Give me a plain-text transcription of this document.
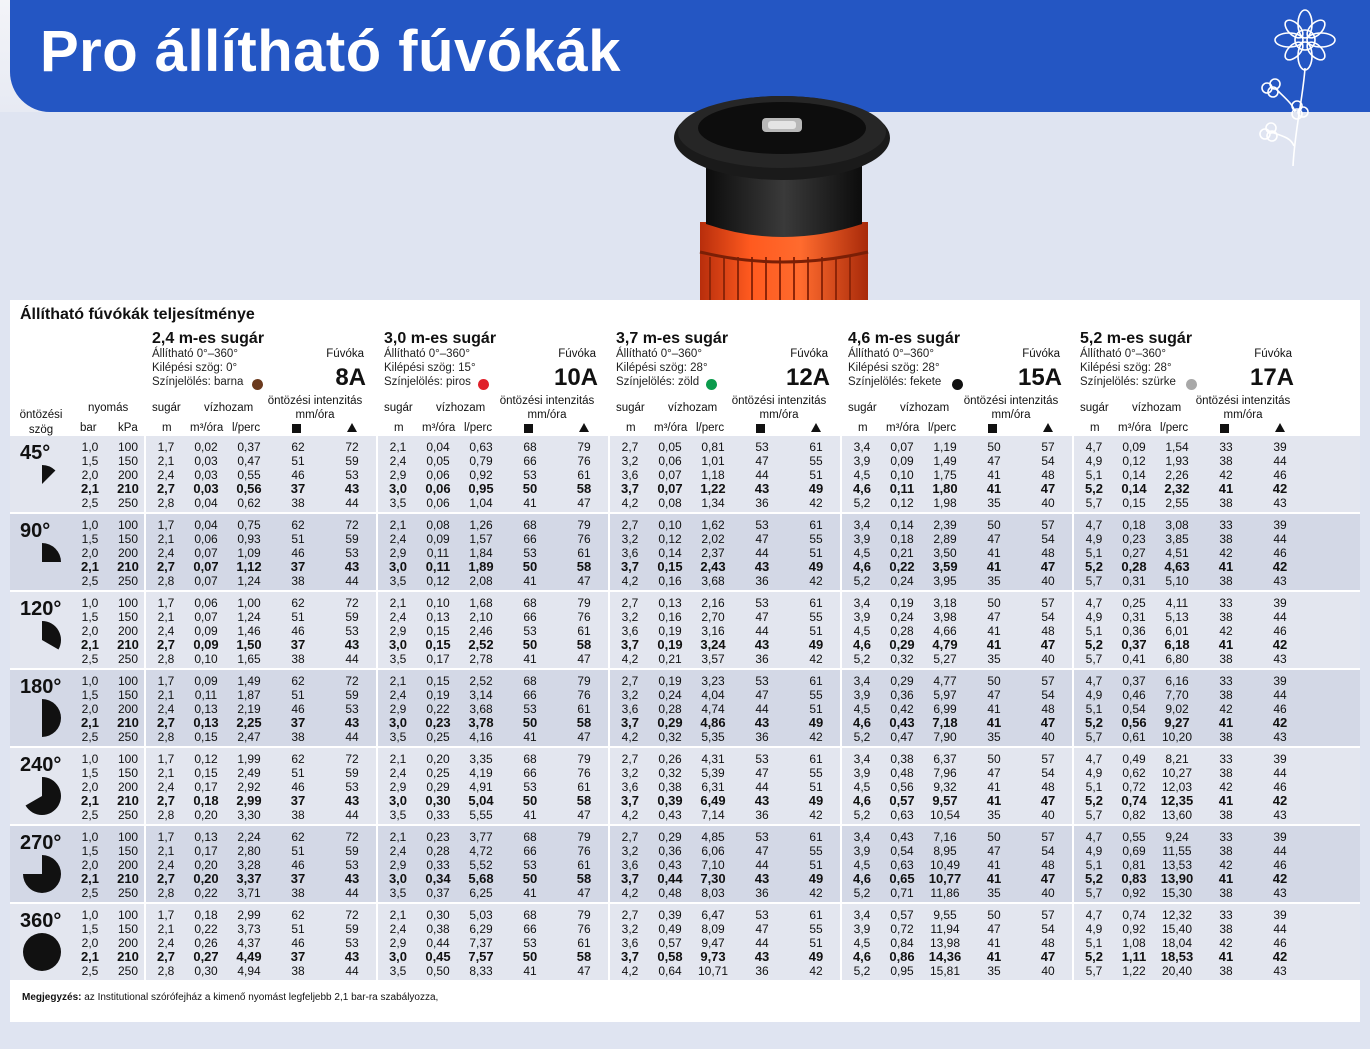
Pro állítható fúvókák
Állítható fúvókák teljesítménye
2,4 m-es sugár
Állítható 0°–360°
Kilépési szög: 0°
Színjelölés: barna
Fúvóka
8A
öntözési intenzitás
mm/óra
sugár vízhozam
m m³/óra l/perc
3,0 m-es sugár
Állítható 0°–360°
Kilépési szög: 15°
Színjelölés: piros
Fúvóka
10A
öntözési intenzitás
mm/óra
sugár vízhozam
m m³/óra l/perc
3,7 m-es sugár
Állítható 0°–360°
Kilépési szög: 28°
Színjelölés: zöld
Fúvóka
12A
öntözési intenzitás
mm/óra
sugár vízhozam
m m³/óra l/perc
4,6 m-es sugár
Állítható 0°–360°
Kilépési szög: 28°
Színjelölés: fekete
Fúvóka
15A
öntözési intenzitás
mm/óra
sugár vízhozam
m m³/óra l/perc
5,2 m-es sugár
Állítható 0°–360°
Kilépési szög: 28°
Színjelölés: szürke
Fúvóka
17A
öntözési intenzitás
mm/óra
sugár vízhozam
m m³/óra l/perc
45°	1,0	100	1,7	0,02	0,37	62	72	2,1	0,04	0,63	68	79	2,7	0,05	0,81	53	61	3,4	0,07	1,19	50	57	4,7	0,09	1,54	33	39
1,5	150	2,1	0,03	0,47	51	59	2,4	0,05	0,79	66	76	3,2	0,06	1,01	47	55	3,9	0,09	1,49	47	54	4,9	0,12	1,93	38	44
2,0	200	2,4	0,03	0,55	46	53	2,9	0,06	0,92	53	61	3,6	0,07	1,18	44	51	4,5	0,10	1,75	41	48	5,1	0,14	2,26	42	46
2,1	210	2,7	0,03	0,56	37	43	3,0	0,06	0,95	50	58	3,7	0,07	1,22	43	49	4,6	0,11	1,80	41	47	5,2	0,14	2,32	41	42
2,5	250	2,8	0,04	0,62	38	44	3,5	0,06	1,04	41	47	4,2	0,08	1,34	36	42	5,2	0,12	1,98	35	40	5,7	0,15	2,55	38	43
90°	1,0	100	1,7	0,04	0,75	62	72	2,1	0,08	1,26	68	79	2,7	0,10	1,62	53	61	3,4	0,14	2,39	50	57	4,7	0,18	3,08	33	39
1,5	150	2,1	0,06	0,93	51	59	2,4	0,09	1,57	66	76	3,2	0,12	2,02	47	55	3,9	0,18	2,89	47	54	4,9	0,23	3,85	38	44
2,0	200	2,4	0,07	1,09	46	53	2,9	0,11	1,84	53	61	3,6	0,14	2,37	44	51	4,5	0,21	3,50	41	48	5,1	0,27	4,51	42	46
2,1	210	2,7	0,07	1,12	37	43	3,0	0,11	1,89	50	58	3,7	0,15	2,43	43	49	4,6	0,22	3,59	41	47	5,2	0,28	4,63	41	42
2,5	250	2,8	0,07	1,24	38	44	3,5	0,12	2,08	41	47	4,2	0,16	3,68	36	42	5,2	0,24	3,95	35	40	5,7	0,31	5,10	38	43
120°	1,0	100	1,7	0,06	1,00	62	72	2,1	0,10	1,68	68	79	2,7	0,13	2,16	53	61	3,4	0,19	3,18	50	57	4,7	0,25	4,11	33	39
1,5	150	2,1	0,07	1,24	51	59	2,4	0,13	2,10	66	76	3,2	0,16	2,70	47	55	3,9	0,24	3,98	47	54	4,9	0,31	5,13	38	44
2,0	200	2,4	0,09	1,46	46	53	2,9	0,15	2,46	53	61	3,6	0,19	3,16	44	51	4,5	0,28	4,66	41	48	5,1	0,36	6,01	42	46
2,1	210	2,7	0,09	1,50	37	43	3,0	0,15	2,52	50	58	3,7	0,19	3,24	43	49	4,6	0,29	4,79	41	47	5,2	0,37	6,18	41	42
2,5	250	2,8	0,10	1,65	38	44	3,5	0,17	2,78	41	47	4,2	0,21	3,57	36	42	5,2	0,32	5,27	35	40	5,7	0,41	6,80	38	43
180°	1,0	100	1,7	0,09	1,49	62	72	2,1	0,15	2,52	68	79	2,7	0,19	3,23	53	61	3,4	0,29	4,77	50	57	4,7	0,37	6,16	33	39
1,5	150	2,1	0,11	1,87	51	59	2,4	0,19	3,14	66	76	3,2	0,24	4,04	47	55	3,9	0,36	5,97	47	54	4,9	0,46	7,70	38	44
2,0	200	2,4	0,13	2,19	46	53	2,9	0,22	3,68	53	61	3,6	0,28	4,74	44	51	4,5	0,42	6,99	41	48	5,1	0,54	9,02	42	46
2,1	210	2,7	0,13	2,25	37	43	3,0	0,23	3,78	50	58	3,7	0,29	4,86	43	49	4,6	0,43	7,18	41	47	5,2	0,56	9,27	41	42
2,5	250	2,8	0,15	2,47	38	44	3,5	0,25	4,16	41	47	4,2	0,32	5,35	36	42	5,2	0,47	7,90	35	40	5,7	0,61	10,20	38	43
240°	1,0	100	1,7	0,12	1,99	62	72	2,1	0,20	3,35	68	79	2,7	0,26	4,31	53	61	3,4	0,38	6,37	50	57	4,7	0,49	8,21	33	39
1,5	150	2,1	0,15	2,49	51	59	2,4	0,25	4,19	66	76	3,2	0,32	5,39	47	55	3,9	0,48	7,96	47	54	4,9	0,62	10,27	38	44
2,0	200	2,4	0,17	2,92	46	53	2,9	0,29	4,91	53	61	3,6	0,38	6,31	44	51	4,5	0,56	9,32	41	48	5,1	0,72	12,03	42	46
2,1	210	2,7	0,18	2,99	37	43	3,0	0,30	5,04	50	58	3,7	0,39	6,49	43	49	4,6	0,57	9,57	41	47	5,2	0,74	12,35	41	42
2,5	250	2,8	0,20	3,30	38	44	3,5	0,33	5,55	41	47	4,2	0,43	7,14	36	42	5,2	0,63	10,54	35	40	5,7	0,82	13,60	38	43
270°	1,0	100	1,7	0,13	2,24	62	72	2,1	0,23	3,77	68	79	2,7	0,29	4,85	53	61	3,4	0,43	7,16	50	57	4,7	0,55	9,24	33	39
1,5	150	2,1	0,17	2,80	51	59	2,4	0,28	4,72	66	76	3,2	0,36	6,06	47	55	3,9	0,54	8,95	47	54	4,9	0,69	11,55	38	44
2,0	200	2,4	0,20	3,28	46	53	2,9	0,33	5,52	53	61	3,6	0,43	7,10	44	51	4,5	0,63	10,49	41	48	5,1	0,81	13,53	42	46
2,1	210	2,7	0,20	3,37	37	43	3,0	0,34	5,68	50	58	3,7	0,44	7,30	43	49	4,6	0,65	10,77	41	47	5,2	0,83	13,90	41	42
2,5	250	2,8	0,22	3,71	38	44	3,5	0,37	6,25	41	47	4,2	0,48	8,03	36	42	5,2	0,71	11,86	35	40	5,7	0,92	15,30	38	43
360°	1,0	100	1,7	0,18	2,99	62	72	2,1	0,30	5,03	68	79	2,7	0,39	6,47	53	61	3,4	0,57	9,55	50	57	4,7	0,74	12,32	33	39
1,5	150	2,1	0,22	3,73	51	59	2,4	0,38	6,29	66	76	3,2	0,49	8,09	47	55	3,9	0,72	11,94	47	54	4,9	0,92	15,40	38	44
2,0	200	2,4	0,26	4,37	46	53	2,9	0,44	7,37	53	61	3,6	0,57	9,47	44	51	4,5	0,84	13,98	41	48	5,1	1,08	18,04	42	46
2,1	210	2,7	0,27	4,49	37	43	3,0	0,45	7,57	50	58	3,7	0,58	9,73	43	49	4,6	0,86	14,36	41	47	5,2	1,11	18,53	41	42
2,5	250	2,8	0,30	4,94	38	44	3,5	0,50	8,33	41	47	4,2	0,64	10,71	36	42	5,2	0,95	15,81	35	40	5,7	1,22	20,40	38	43
öntözési
szög
nyomás
bar kPa
Megjegyzés: az Institutional szórófejház a kimenő nyomást legfeljebb 2,1 bar-ra szabályozza,
